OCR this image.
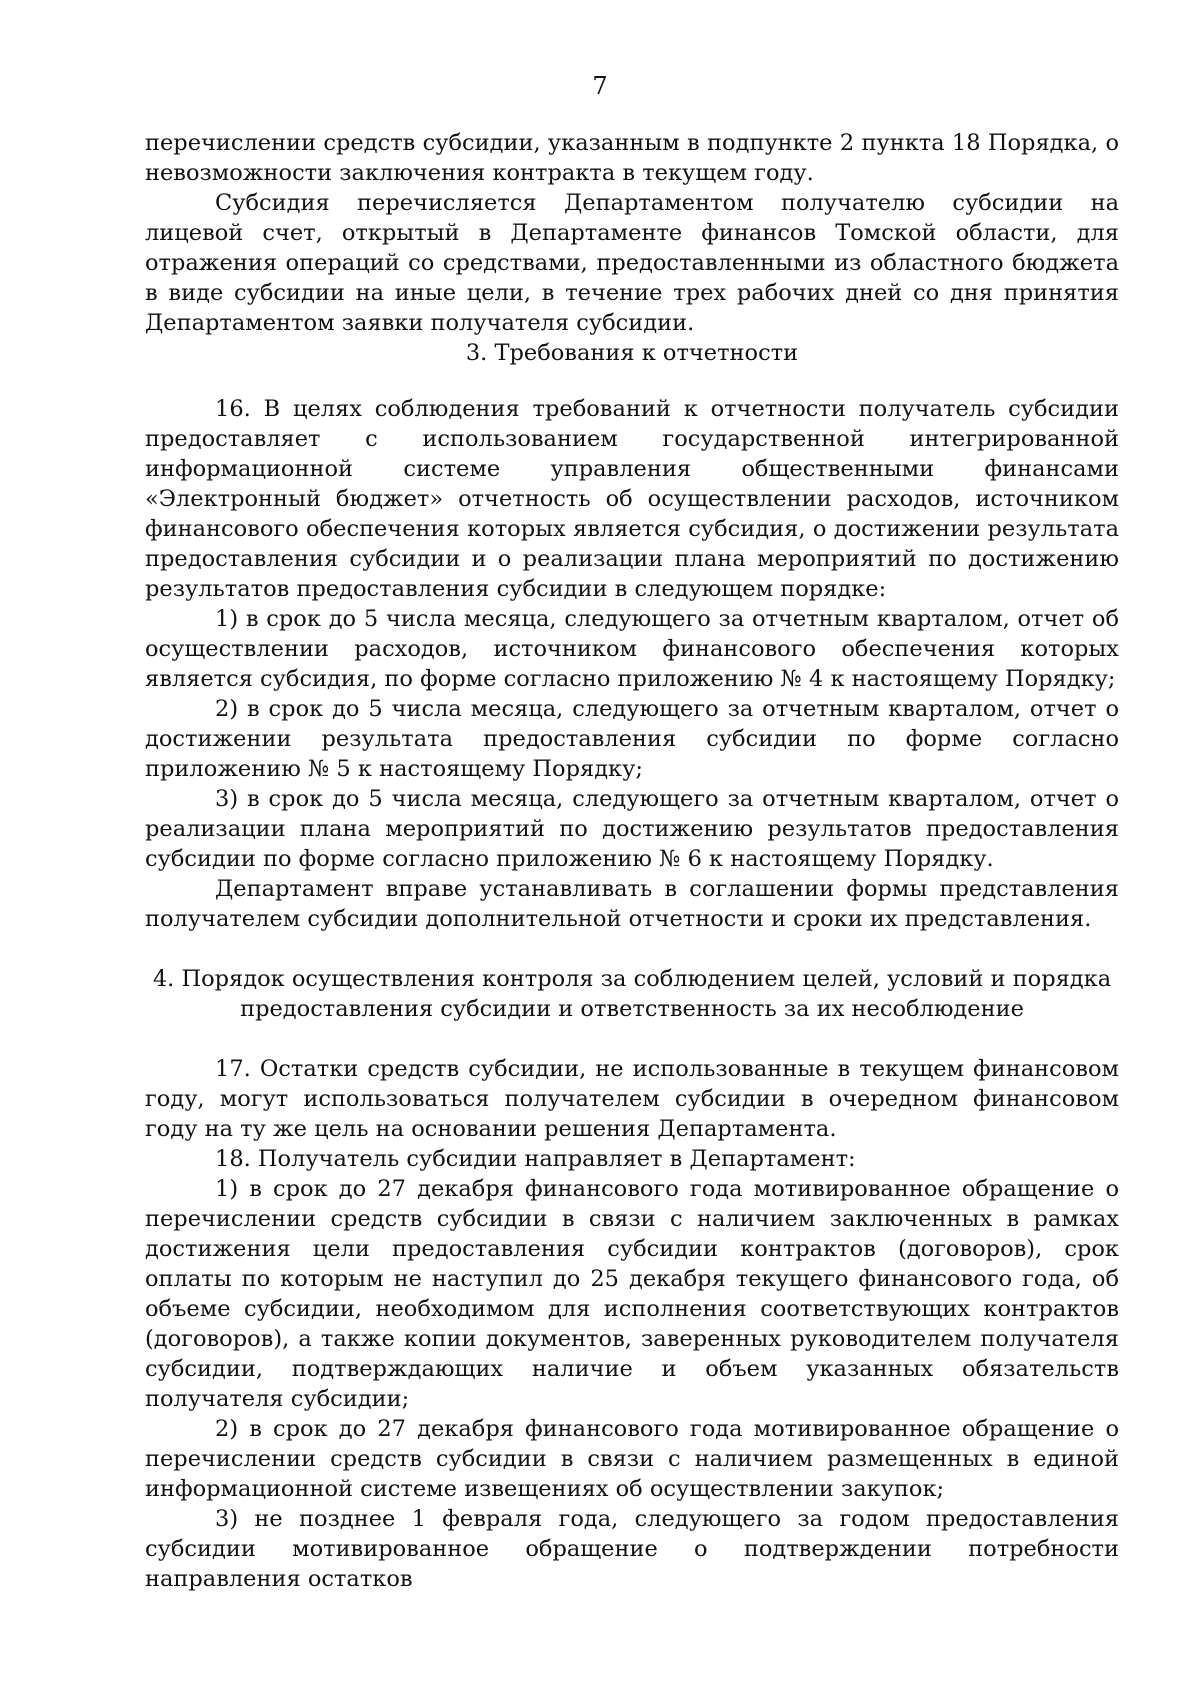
7

перечислении средств субсидии, указанным в подпункте 2 пункта 18 Порядка, о невозможности заключения контракта в текущем году.

Субсидия перечисляется Департаментом получателю субсидии на лицевой счет, открытый в Департаменте финансов Томской области, для отражения операций со средствами, предоставленными из областного бюджета в виде субсидии на иные цели, в течение трех рабочих дней со дня принятия Департаментом заявки получателя субсидии.

3. Требования к отчетности

16. В целях соблюдения требований к отчетности получатель субсидии предоставляет с использованием государственной интегрированной информационной системе управления общественными финансами «Электронный бюджет» отчетность об осуществлении расходов, источником финансового обеспечения которых является субсидия, о достижении результата предоставления субсидии и о реализации плана мероприятий по достижению результатов предоставления субсидии в следующем порядке:

1) в срок до 5 числа месяца, следующего за отчетным кварталом, отчет об осуществлении расходов, источником финансового обеспечения которых является субсидия, по форме согласно приложению № 4 к настоящему Порядку;

2) в срок до 5 числа месяца, следующего за отчетным кварталом, отчет о достижении результата предоставления субсидии по форме согласно приложению № 5 к настоящему Порядку;

3) в срок до 5 числа месяца, следующего за отчетным кварталом, отчет о реализации плана мероприятий по достижению результатов предоставления субсидии по форме согласно приложению № 6 к настоящему Порядку.

Департамент вправе устанавливать в соглашении формы представления получателем субсидии дополнительной отчетности и сроки их представления.

4. Порядок осуществления контроля за соблюдением целей, условий и порядка

предоставления субсидии и ответственность за их несоблюдение

17. Остатки средств субсидии, не использованные в текущем финансовом году, могут использоваться получателем субсидии в очередном финансовом году на ту же цель на основании решения Департамента.

18. Получатель субсидии направляет в Департамент:

1) в срок до 27 декабря финансового года мотивированное обращение о перечислении средств субсидии в связи с наличием заключенных в рамках достижения цели предоставления субсидии контрактов (договоров), срок оплаты по которым не наступил до 25 декабря текущего финансового года, об объеме субсидии, необходимом для исполнения соответствующих контрактов (договоров), а также копии документов, заверенных руководителем получателя субсидии, подтверждающих наличие и объем указанных обязательств получателя субсидии;

2) в срок до 27 декабря финансового года мотивированное обращение о перечислении средств субсидии в связи с наличием размещенных в единой информационной системе извещениях об осуществлении закупок;

3) не позднее 1 февраля года, следующего за годом предоставления субсидии мотивированное обращение о подтверждении потребности направления остатков
